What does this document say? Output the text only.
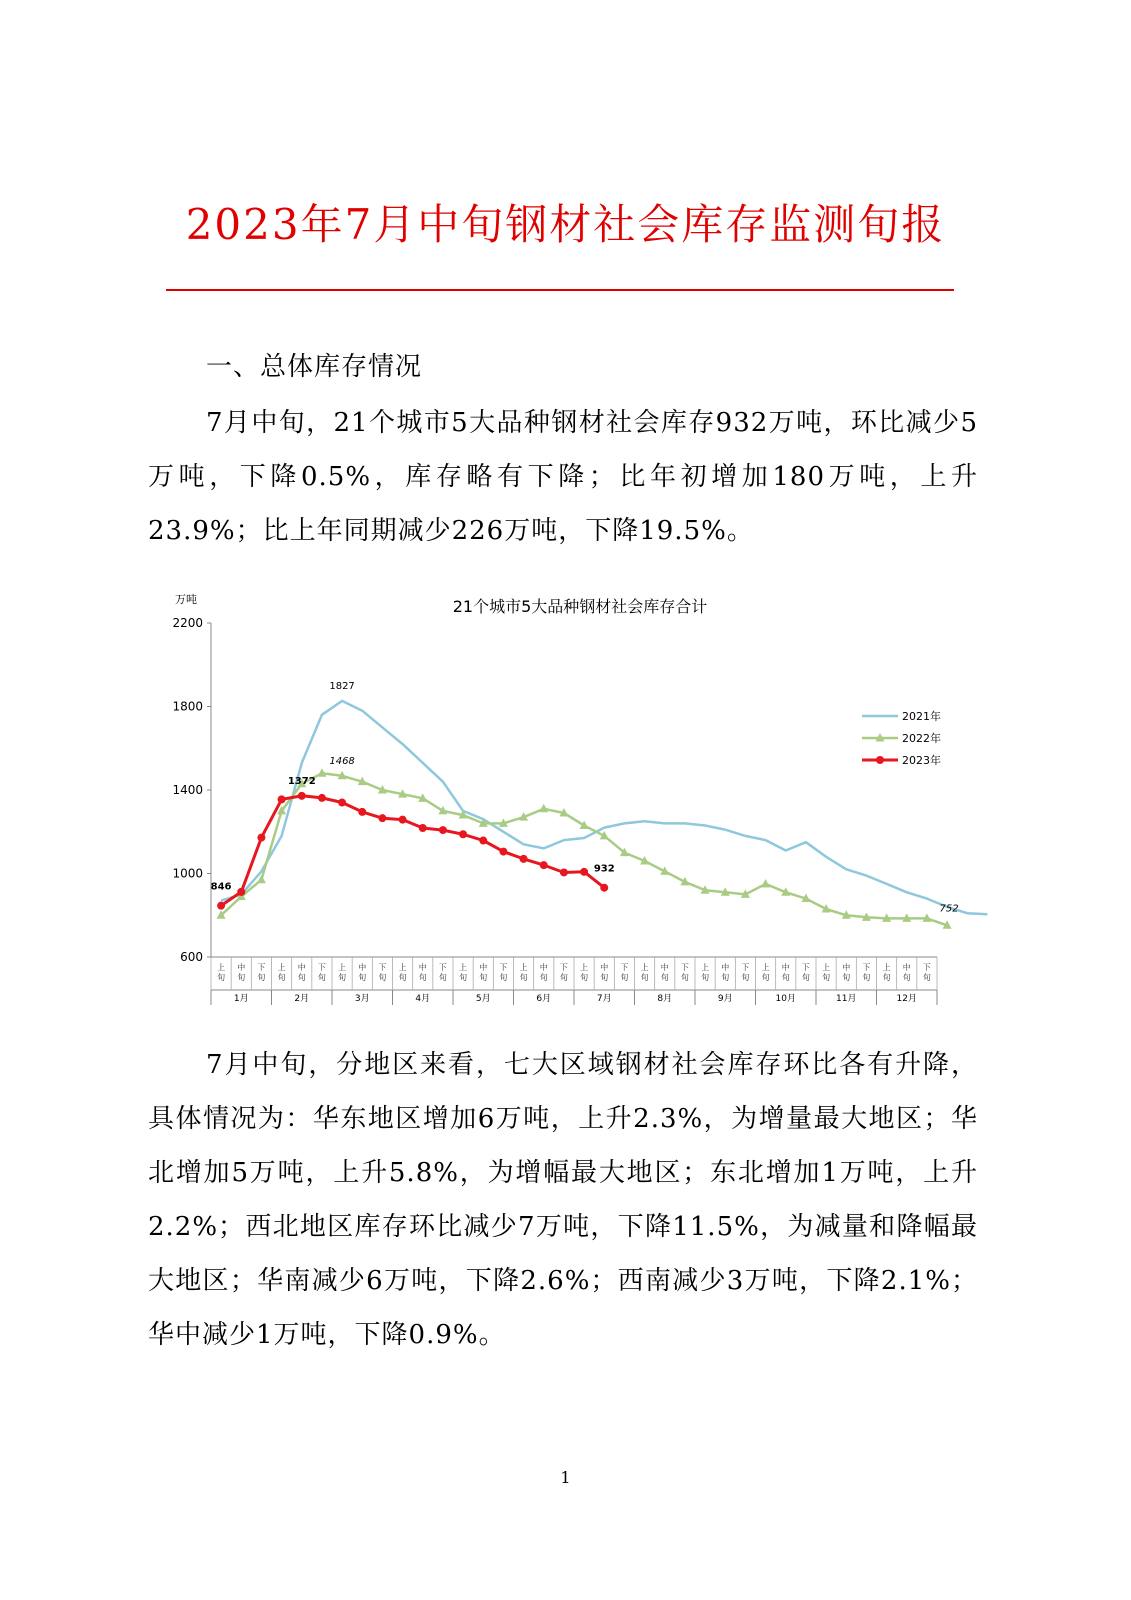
2023年7月中旬钢材社会库存监测旬报
一、总体库存情况

7月中旬，21个城市5大品种钢材社会库存932万吨，环比减少5万吨，下降0.5%，库存略有下降；比年初增加180万吨，上升23.9%；比上年同期减少226万吨，下降19.5%。

21个城市5大品种钢材社会库存合计
万吨
600
1000
1400
1800
2200
上旬
中旬
下旬
上旬
中旬
下旬
上旬
中旬
下旬
上旬
中旬
下旬
上旬
中旬
下旬
上旬
中旬
下旬
上旬
中旬
下旬
上旬
中旬
下旬
上旬
中旬
下旬
上旬
中旬
下旬
上旬
中旬
下旬
上旬
中旬
下旬
1月	2月	3月	4月	5月	6月	7月	8月	9月	10月	11月	12月
1827
1468
1372
846
932
752
2021年
2022年
2023年

7月中旬，分地区来看，七大区域钢材社会库存环比各有升降，具体情况为：华东地区增加6万吨，上升2.3%，为增量最大地区；华北增加5万吨，上升5.8%，为增幅最大地区；东北增加1万吨，上升2.2%；西北地区库存环比减少7万吨，下降11.5%，为减量和降幅最大地区；华南减少6万吨，下降2.6%；西南减少3万吨，下降2.1%；华中减少1万吨，下降0.9%。

1
